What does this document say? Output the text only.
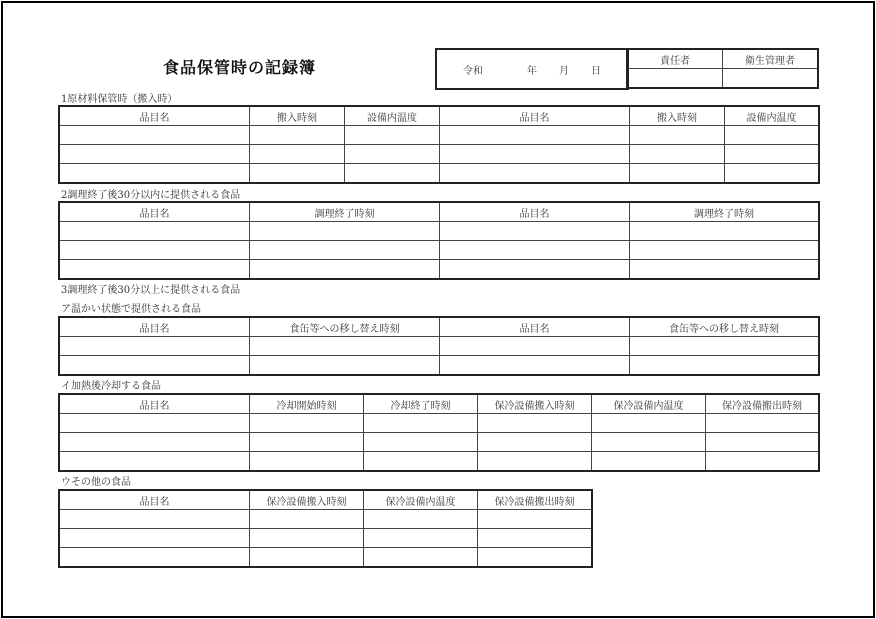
食品保管時の記録簿	令和	年 月 日
責任者	衛生管理者

1原材料保管時（搬入時）
品目名	搬入時刻	設備内温度	品目名	搬入時刻	設備内温度

2調理終了後30分以内に提供される食品
品目名	調理終了時刻	品目名	調理終了時刻

3調理終了後30分以上に提供される食品
ア温かい状態で提供される食品
品目名	食缶等への移し替え時刻	品目名	食缶等への移し替え時刻

イ加熱後冷却する食品
品目名	冷却開始時刻	冷却終了時刻	保冷設備搬入時刻	保冷設備内温度	保冷設備搬出時刻

ウその他の食品
品目名	保冷設備搬入時刻	保冷設備内温度	保冷設備搬出時刻
